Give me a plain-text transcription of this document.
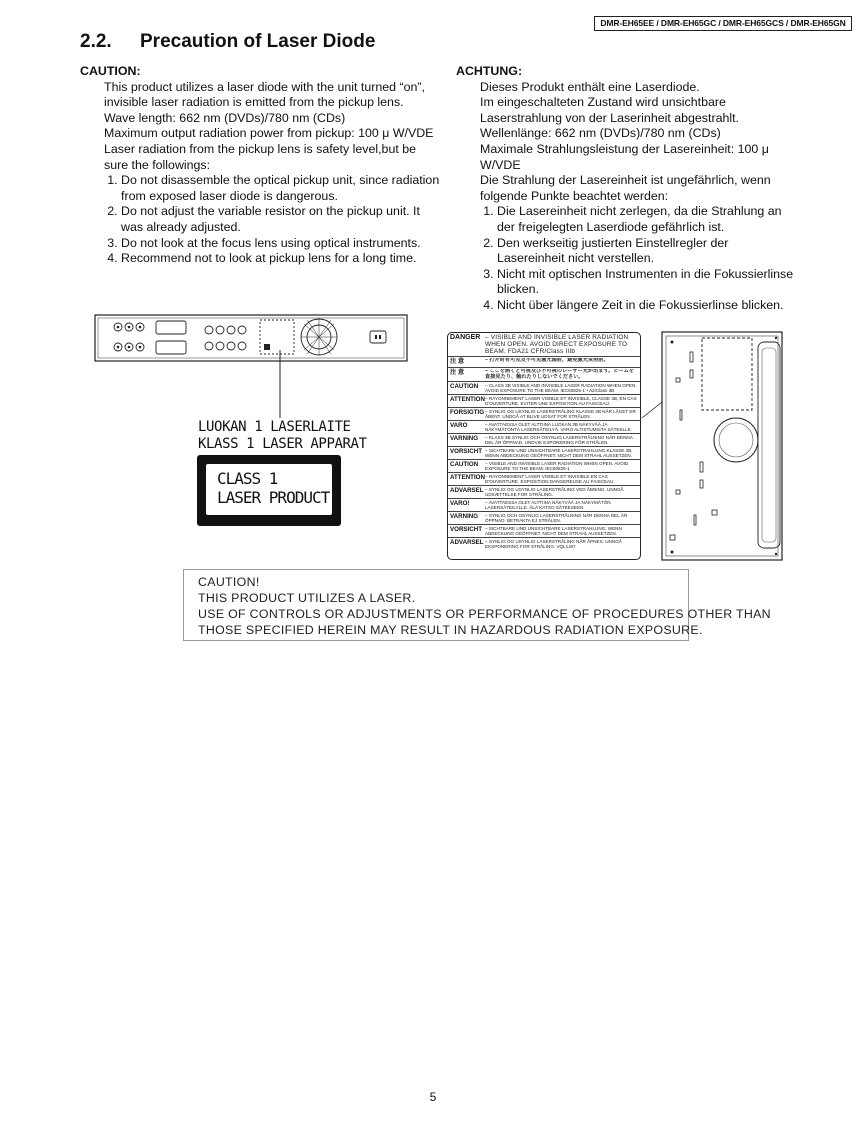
DMR-EH65EE / DMR-EH65GC / DMR-EH65GCS / DMR-EH65GN
2.2. Precaution of Laser Diode
CAUTION:
This product utilizes a laser diode with the unit turned “on”, invisible laser radiation is emitted from the pickup lens.
Wave length: 662 nm (DVDs)/780 nm (CDs)
Maximum output radiation power from pickup: 100 μ W/VDE
Laser radiation from the pickup lens is safety level,but be sure the followings:
1. Do not disassemble the optical pickup unit, since radiation from exposed laser diode is dangerous.
2. Do not adjust the variable resistor on the pickup unit. It was already adjusted.
3. Do not look at the focus lens using optical instruments.
4. Recommend not to look at pickup lens for a long time.
ACHTUNG:
Dieses Produkt enthält eine Laserdiode.
Im eingeschalteten Zustand wird unsichtbare Laserstrahlung von der Laserinheit abgestrahlt.
Wellenlänge: 662 nm (DVDs)/780 nm (CDs)
Maximale Strahlungsleistung der Lasereinheit: 100 μ W/VDE
Die Strahlung der Lasereinheit ist ungefährlich, wenn folgende Punkte beachtet werden:
1. Die Lasereinheit nicht zerlegen, da die Strahlung an der freigelegten Laserdiode gefährlich ist.
2. Den werkseitig justierten Einstellregler der Lasereinheit nicht verstellen.
3. Nicht mit optischen Instrumenten in die Fokussierlinse blicken.
4. Nicht über längere Zeit in die Fokussierlinse blicken.
LUOKAN 1 LASERLAITE
KLASS 1 LASER APPARAT
CLASS 1
LASER PRODUCT
DANGER – VISIBLE AND INVISIBLE LASER RADIATION WHEN OPEN. AVOID DIRECT EXPOSURE TO BEAM. FDA21 CFR/Class IIIb
注 意	– 打开时有可见及不可见激光辐射，避免激光束照射。
注 意	– ここを開くと可視及び不可視のレーザー光が出ます。ビームを直接見たり、触れたりしないでください。
CAUTION	– CLASS 3B VISIBLE AND INVISIBLE LASER RADIATION WHEN OPEN. AVOID EXPOSURE TO THE BEAM. IEC60825-1 +A2/Class 3B
ATTENTION – RAYONNEMENT LASER VISIBLE ET INVISIBLE, CLASSE 3B, EN CAS D'OUVERTURE. EVITER UNE EXPOSITION AU FAISCEAU.
FORSIGTIG – SYNLIG OG USYNLIG LASERSTRÅLING KLASSE 3B NÅR LÅGET ER ÅBENT. UNDGÅ AT BLIVE UDSAT FOR STRÅLEN.
VARO	– AVATTAESSA OLET ALTTIINA LUOKAN 3B NÄKYVÄÄ JA NÄKYMÄTÖNTÄ LASERSÄTEILYÄ. VARO ALTISTUMISTA SÄTEELLE.
VARNING	– KLASS 3B SYNLIG OCH OSYNLIG LASERSTRÅLNING NÄR DENNA DEL ÄR ÖPPNAD. UNDVIK EXPONERING FÖR STRÅLEN.
VORSICHT – SICHTBARE UND UNSICHTBARE LASERSTRAHLUNG KLASSE 3B, WENN ABDECKUNG GEÖFFNET. NICHT DEM STRAHL AUSSETZEN.
CAUTION	– VISIBLE AND INVISIBLE LASER RADIATION WHEN OPEN. AVOID EXPOSURE TO THE BEAM. IEC60825-1
ATTENTION – RAYONNEMENT LASER VISIBLE ET INVISIBLE EN CAS D'OUVERTURE. EXPOSITION DANGEREUSE AU FAISCEAU.
ADVARSEL – SYNLIG OG USYNLIG LASERSTRÅLING VED ÅBNING. UNNGÅ UDSÆTTELSE FOR STRÅLING.
VARO!	– AVATTAESSA OLET ALTTIINA NÄKYVÄÄ JA NÄKYMÄTÖN LASERSÄTEILYLLE. ÄLÄ KATSO SÄTEESEEN.
VARNING	– SYNLIG OCH OSYNLIG LASERSTRÅLNING NÄR DENNA DEL ÄR ÖPPNAD. BETRAKTA EJ STRÅLEN.
VORSICHT – SICHTBARE UND UNSICHTBARE LASERSTRAHLUNG, WENN ABDECKUNG GEÖFFNET. NICHT DEM STRAHL AUSSETZEN.
ADVARSEL – SYNLIG OG USYNLIG LASERSTRÅLING NÅR ÅPNES. UNNGÅ EKSPONERING FOR STRÅLING. VQL1J67
CAUTION!
THIS PRODUCT UTILIZES A LASER.
USE OF CONTROLS OR ADJUSTMENTS OR PERFORMANCE OF PROCEDURES OTHER THAN
THOSE SPECIFIED HEREIN MAY RESULT IN HAZARDOUS RADIATION EXPOSURE.
5
